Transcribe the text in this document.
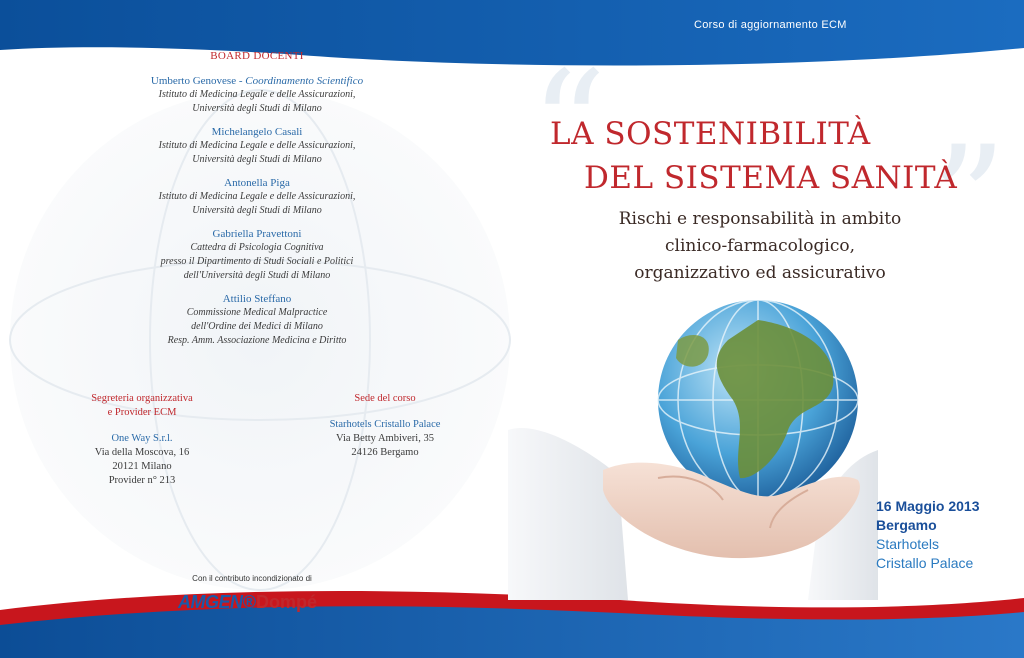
Corso di aggiornamento ECM
BOARD DOCENTI
Umberto Genovese - Coordinamento Scientifico
Istituto di Medicina Legale e delle Assicurazioni,
Università degli Studi di Milano
Michelangelo Casali
Istituto di Medicina Legale e delle Assicurazioni,
Università degli Studi di Milano
Antonella Piga
Istituto di Medicina Legale e delle Assicurazioni,
Università degli Studi di Milano
Gabriella Pravettoni
Cattedra di Psicologia Cognitiva
presso il Dipartimento di Studi Sociali e Politici
dell'Università degli Studi di Milano
Attilio Steffano
Commissione Medical Malpractice
dell'Ordine dei Medici di Milano
Resp. Amm. Associazione Medicina e Diritto
Segreteria organizzativa
e Provider ECM
One Way S.r.l.
Via della Moscova, 16
20121 Milano
Provider n° 213
Sede del corso
Starhotels Cristallo Palace
Via Betty Ambiveri, 35
24126 Bergamo
Con il contributo incondizionato di
AMGEN® Dompé
“ ”
LA SOSTENIBILITÀ
DEL SISTEMA SANITÀ
Rischi e responsabilità in ambito
clinico-farmacologico,
organizzativo ed assicurativo
16 Maggio 2013
Bergamo
Starhotels
Cristallo Palace
